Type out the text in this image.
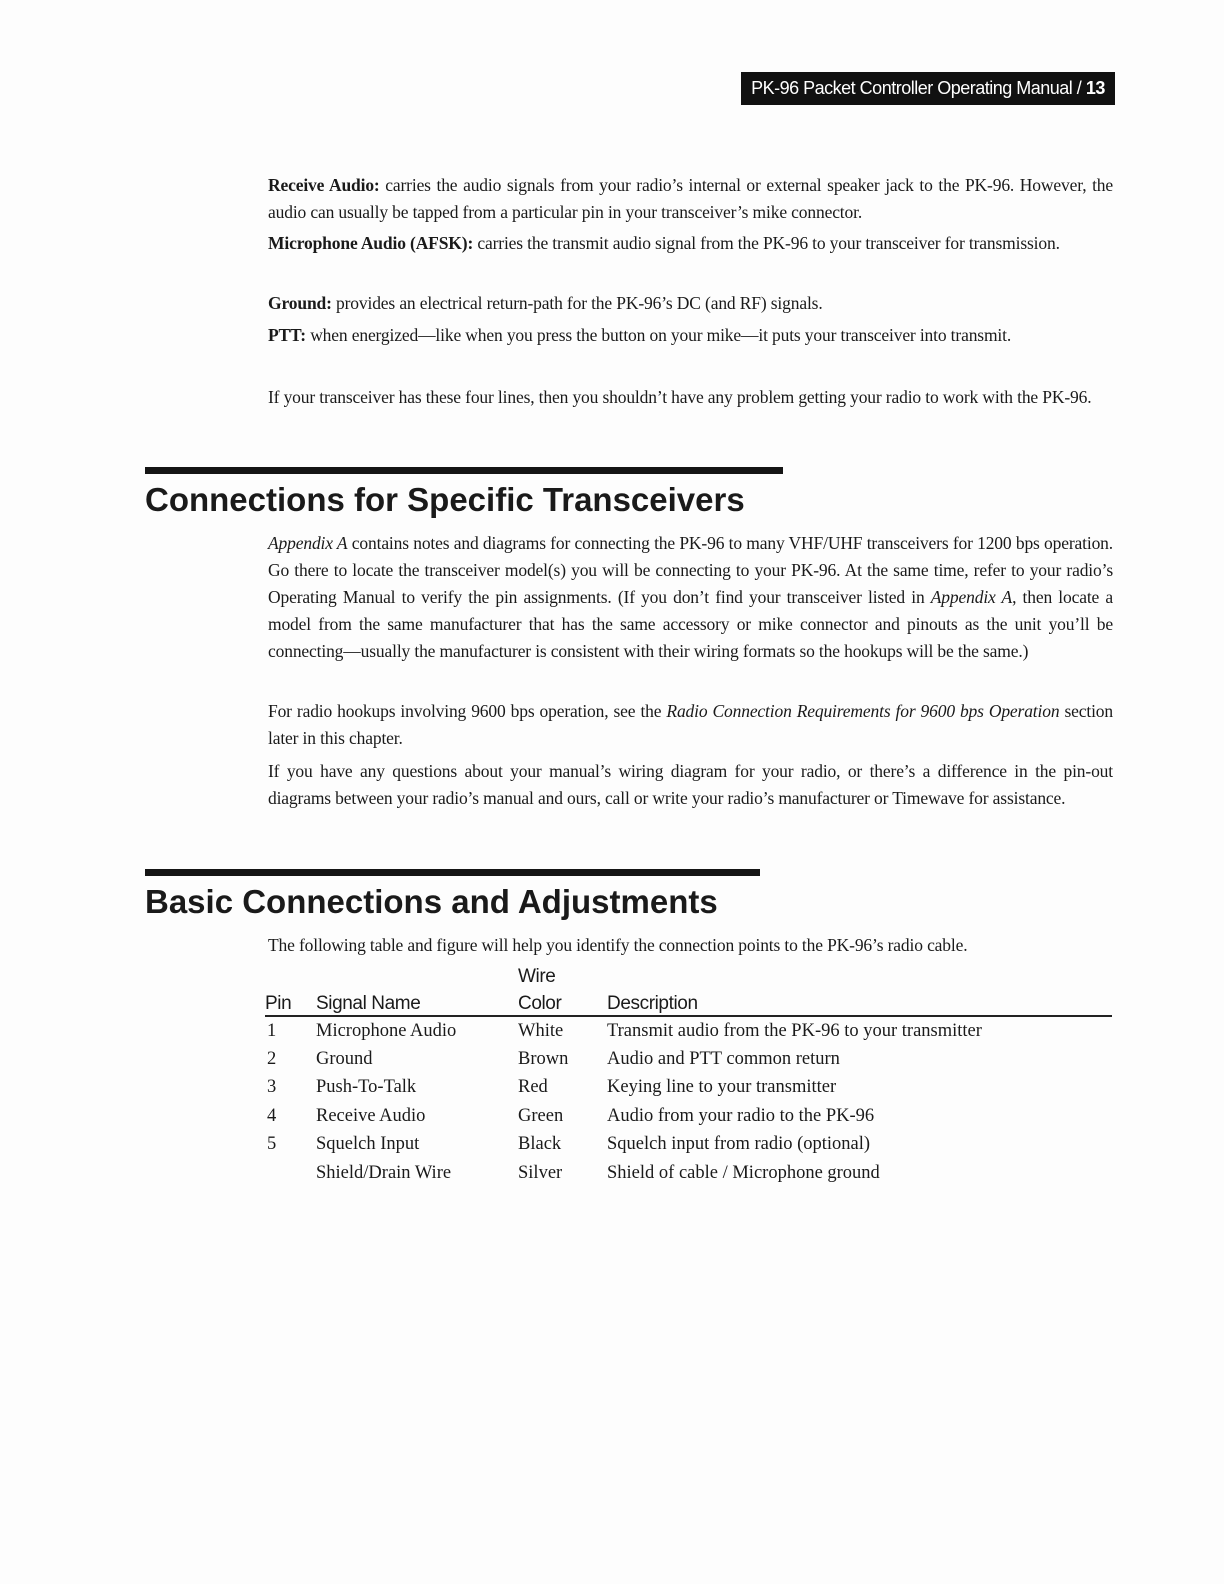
PK-96 Packet Controller Operating Manual / 13

Receive Audio: carries the audio signals from your radio’s internal or external speaker jack to the PK-96. However, the audio can usually be tapped from a particular pin in your transceiver’s mike connector.

Microphone Audio (AFSK): carries the transmit audio signal from the PK-96 to your transceiver for transmission.

Ground: provides an electrical return-path for the PK-96’s DC (and RF) signals.

PTT: when energized—like when you press the button on your mike—it puts your transceiver into transmit.

If your transceiver has these four lines, then you shouldn’t have any problem getting your radio to work with the PK-96.

Connections for Specific Transceivers

Appendix A contains notes and diagrams for connecting the PK-96 to many VHF/UHF transceivers for 1200 bps operation. Go there to locate the transceiver model(s) you will be connecting to your PK-96. At the same time, refer to your radio’s Operating Manual to verify the pin assignments. (If you don’t find your transceiver listed in Appendix A, then locate a model from the same manufacturer that has the same accessory or mike connector and pinouts as the unit you’ll be connecting—usually the manufacturer is consistent with their wiring formats so the hookups will be the same.)

For radio hookups involving 9600 bps operation, see the Radio Connection Requirements for 9600 bps Operation section later in this chapter.

If you have any questions about your manual’s wiring diagram for your radio, or there’s a difference in the pin-out diagrams between your radio’s manual and ours, call or write your radio’s manufacturer or Timewave for assistance.

Basic Connections and Adjustments

The following table and figure will help you identify the connection points to the PK-96’s radio cable.

Wire
Pin Signal Name	Color Description
1 Microphone Audio	White Transmit audio from the PK-96 to your transmitter
2 Ground	Brown Audio and PTT common return
3 Push-To-Talk	Red	Keying line to your transmitter
4 Receive Audio	Green Audio from your radio to the PK-96
5 Squelch Input	Black Squelch input from radio (optional)
Shield/Drain Wire	Silver Shield of cable / Microphone ground
